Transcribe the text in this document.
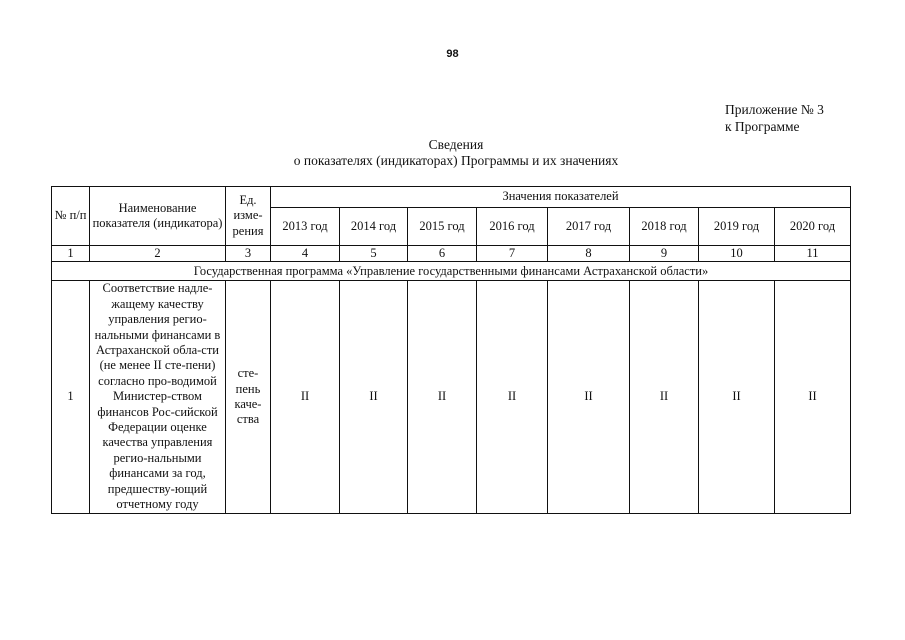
98
Приложение № 3
к Программе
Сведения
о показателях (индикаторах) Программы и их значениях
№ п/п	Наименование показателя (индикатора)	Ед. изме-рения	Значения показателей							
			2013 год	2014 год	2015 год	2016 год	2017 год	2018 год	2019 год	2020 год
1	2	3	4	5	6	7	8	9	10	11
Государственная программа «Управление государственными финансами Астраханской области»										
1	Соответствие надле-жащему качеству управления регио-нальными финансами в Астраханской обла-сти (не менее II сте-пени) согласно про-водимой Министер-ством финансов Рос-сийской Федерации оценке качества управления регио-нальными финансами за год, предшеству-ющий отчетному году	сте-пень каче-ства	II	II	II	II	II	II	II	II
